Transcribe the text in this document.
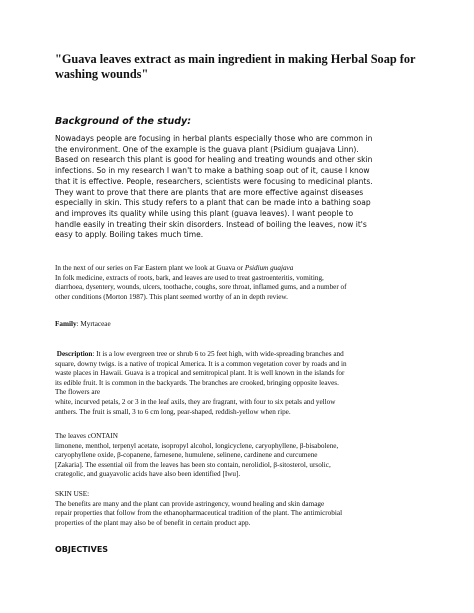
"Guava leaves extract as main ingredient in making Herbal Soap for washing wounds"
Background of the study:
Nowadays people are focusing in herbal plants especially those who are common in
the environment. One of the example is the guava plant (Psidium guajava Linn).
Based on research this plant is good for healing and treating wounds and other skin
infections. So in my research I wan't to make a bathing soap out of it, cause I know
that it is effective. People, researchers, scientists were focusing to medicinal plants.
They want to prove that there are plants that are more effective against diseases
especially in skin. This study refers to a plant that can be made into a bathing soap
and improves its quality while using this plant (guava leaves). I want people to
handle easily in treating their skin disorders. Instead of boiling the leaves, now it's
easy to apply. Boiling takes much time.
In the next of our series on Far Eastern plant we look at Guava or Psidium guajava
In folk medicine, extracts of roots, bark, and leaves are used to treat gastroenteritis, vomiting,
diarrhoea, dysentery, wounds, ulcers, toothache, coughs, sore throat, inflamed gums, and a number of
other conditions (Morton 1987). This plant seemed worthy of an in depth review.
Family: Myrtaceae
Description: It is a low evergreen tree or shrub 6 to 25 feet high, with wide-spreading branches and
square, downy twigs. is a native of tropical America. It is a common vegetation cover by roads and in
waste places in Hawaii. Guava is a tropical and semitropical plant. It is well known in the islands for
its edible fruit. It is common in the backyards. The branches are crooked, bringing opposite leaves.
The flowers are
white, incurved petals, 2 or 3 in the leaf axils, they are fragrant, with four to six petals and yellow
anthers. The fruit is small, 3 to 6 cm long, pear-shaped, reddish-yellow when ripe.
The leaves cONTAIN
limonene, menthol, terpenyl acetate, isopropyl alcohol, longicyclene, caryophyllene, β-bisabolene,
caryophyllene oxide, β-copanene, farnesene, humulene, selinene, cardinene and curcumene
[Zakaria]. The essential oil from the leaves has been sto contain, nerolidiol, β-sitosterol, ursolic,
crategolic, and guayavolic acids have also been identified [Iwu].
SKIN USE:
The benefits are many and the plant can provide astringency, wound healing and skin damage
repair properties that follow from the ethanopharmaceutical tradition of the plant. The antimicrobial
properties of the plant may also be of benefit in certain product app.
OBJECTIVES
